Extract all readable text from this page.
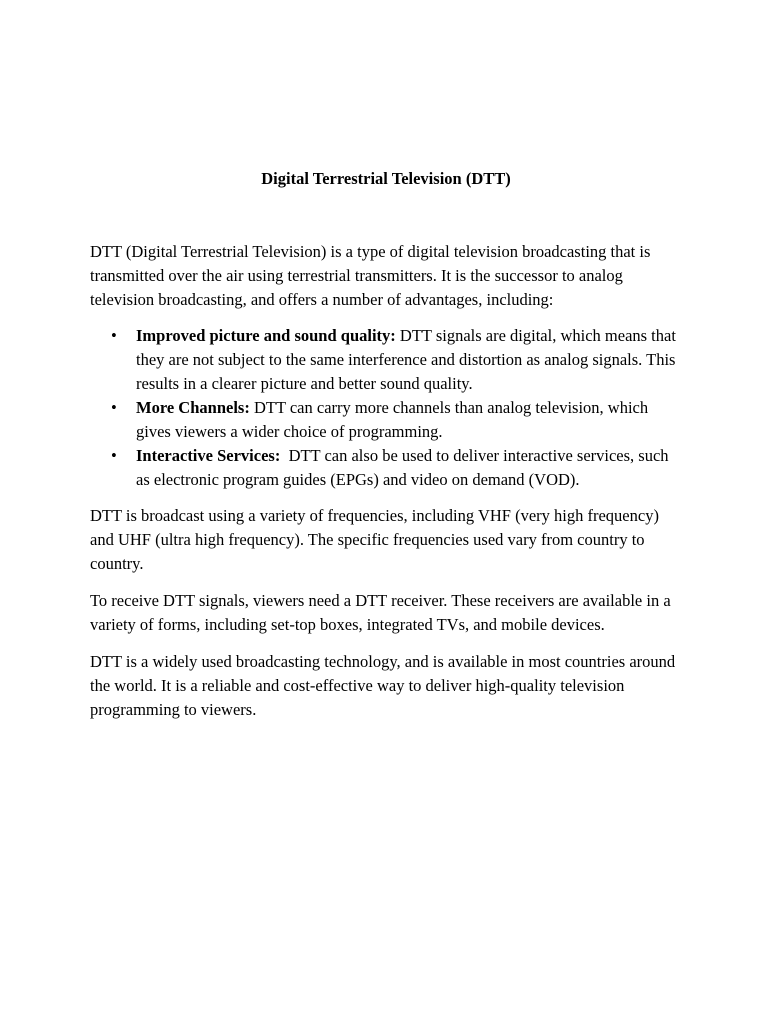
Digital Terrestrial Television (DTT)

DTT (Digital Terrestrial Television) is a type of digital television broadcasting that is transmitted over the air using terrestrial transmitters. It is the successor to analog television broadcasting, and offers a number of advantages, including:

• Improved picture and sound quality: DTT signals are digital, which means that they are not subject to the same interference and distortion as analog signals. This results in a clearer picture and better sound quality.
• More Channels: DTT can carry more channels than analog television, which gives viewers a wider choice of programming.
• Interactive Services:  DTT can also be used to deliver interactive services, such as electronic program guides (EPGs) and video on demand (VOD).

DTT is broadcast using a variety of frequencies, including VHF (very high frequency) and UHF (ultra high frequency). The specific frequencies used vary from country to country.

To receive DTT signals, viewers need a DTT receiver. These receivers are available in a variety of forms, including set-top boxes, integrated TVs, and mobile devices.

DTT is a widely used broadcasting technology, and is available in most countries around the world. It is a reliable and cost-effective way to deliver high-quality television programming to viewers.
